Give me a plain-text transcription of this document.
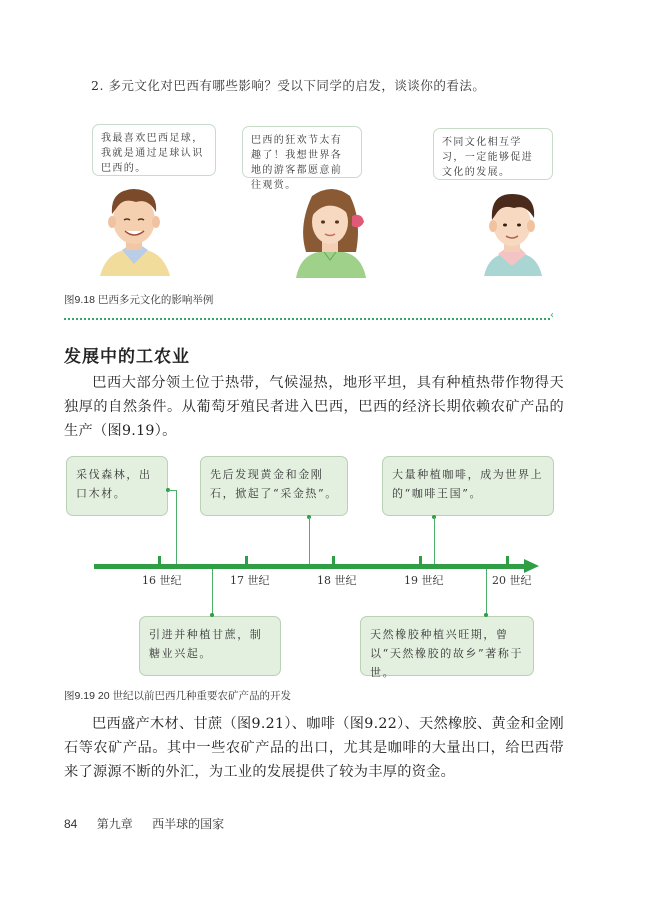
2. 多元文化对巴西有哪些影响？受以下同学的启发，谈谈你的看法。
我最喜欢巴西足球，我就是通过足球认识巴西的。
巴西的狂欢节太有趣了！我想世界各地的游客都愿意前往观赏。
不同文化相互学习，一定能够促进文化的发展。
图9.18 巴西多元文化的影响举例
‹
发展中的工农业

巴西大部分领土位于热带，气候湿热，地形平坦，具有种植热带作物得天独厚的自然条件。从葡萄牙殖民者进入巴西，巴西的经济长期依赖农矿产品的生产（图9.19）。

采伐森林，出口木材。
先后发现黄金和金刚石，掀起了“采金热”。
大量种植咖啡，成为世界上的“咖啡王国”。
引进并种植甘蔗，制糖业兴起。
天然橡胶种植兴旺期，曾以“天然橡胶的故乡”著称于世。
16 世纪	17 世纪	18 世纪	19 世纪	20 世纪
图9.19 20 世纪以前巴西几种重要农矿产品的开发

巴西盛产木材、甘蔗（图9.21）、咖啡（图9.22）、天然橡胶、黄金和金刚石等农矿产品。其中一些农矿产品的出口，尤其是咖啡的大量出口，给巴西带来了源源不断的外汇，为工业的发展提供了较为丰厚的资金。

84 第九章 西半球的国家
